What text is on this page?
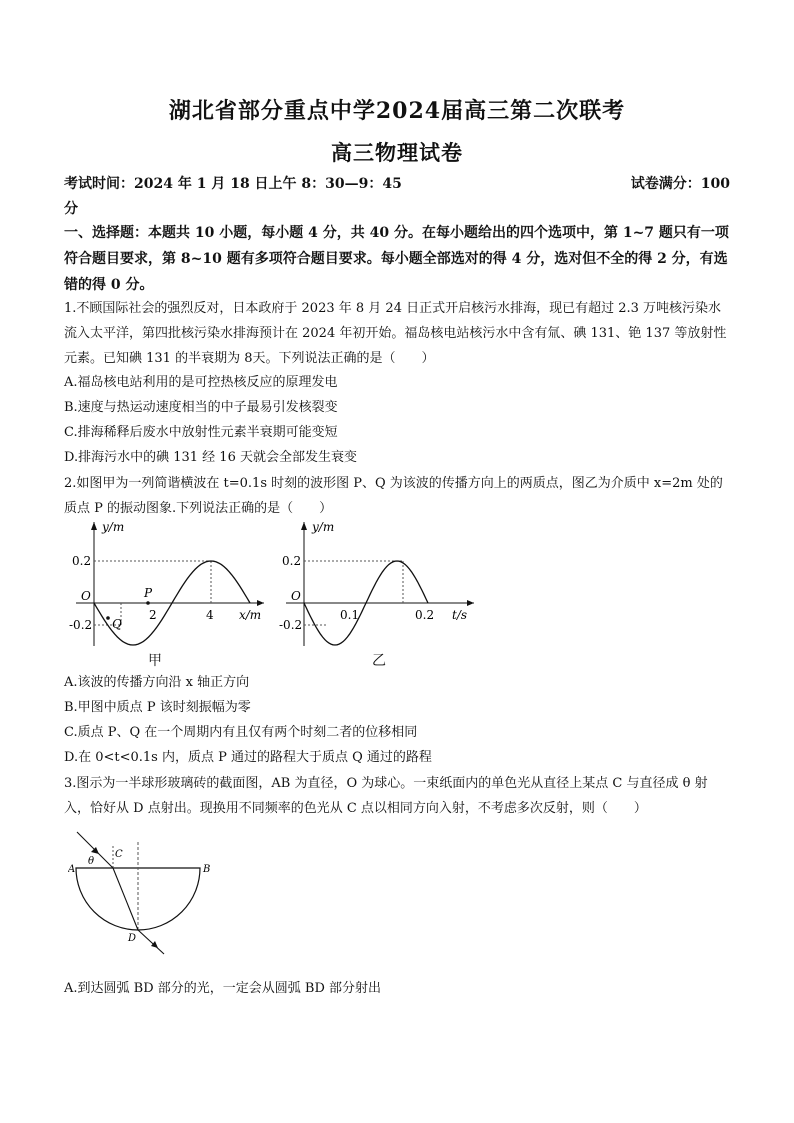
湖北省部分重点中学2024届高三第二次联考
高三物理试卷
考试时间：2024 年 1 月 18 日上午 8：30—9：45	试卷满分：100
分
一、选择题：本题共 10 小题，每小题 4 分，共 40 分。在每小题给出的四个选项中，第 1~7 题只有一项符合题目要求，第 8~10 题有多项符合题目要求。每小题全部选对的得 4 分，选对但不全的得 2 分，有选错的得 0 分。
1.不顾国际社会的强烈反对，日本政府于 2023 年 8 月 24 日正式开启核污水排海，现已有超过 2.3 万吨核污染水流入太平洋，第四批核污染水排海预计在 2024 年初开始。福岛核电站核污水中含有氚、碘 131、铯 137 等放射性元素。已知碘 131 的半衰期为 8天。下列说法正确的是（　　）
A.福岛核电站利用的是可控热核反应的原理发电
B.速度与热运动速度相当的中子最易引发核裂变
C.排海稀释后废水中放射性元素半衰期可能变短
D.排海污水中的碘 131 经 16 天就会全部发生衰变
2.如图甲为一列简谐横波在 t=0.1s 时刻的波形图 P、Q 为该波的传播方向上的两质点，图乙为介质中 x=2m 处的质点 P 的振动图象.下列说法正确的是（　　）
y/m
x/m
O
0.2
-0.2
2	4
P
Q
甲
y/m
t/s
O
0.2
-0.2
0.1	0.2
乙
A.该波的传播方向沿 x 轴正方向
B.甲图中质点 P 该时刻振幅为零
C.质点 P、Q 在一个周期内有且仅有两个时刻二者的位移相同
D.在 0<t<0.1s 内，质点 P 通过的路程大于质点 Q 通过的路程
3.图示为一半球形玻璃砖的截面图，AB 为直径，O 为球心。一束纸面内的单色光从直径上某点 C 与直径成 θ 射入，恰好从 D 点射出。现换用不同频率的色光从 C 点以相同方向入射，不考虑多次反射，则（　　）
A	B
C
D
θ
A.到达圆弧 BD 部分的光，一定会从圆弧 BD 部分射出
